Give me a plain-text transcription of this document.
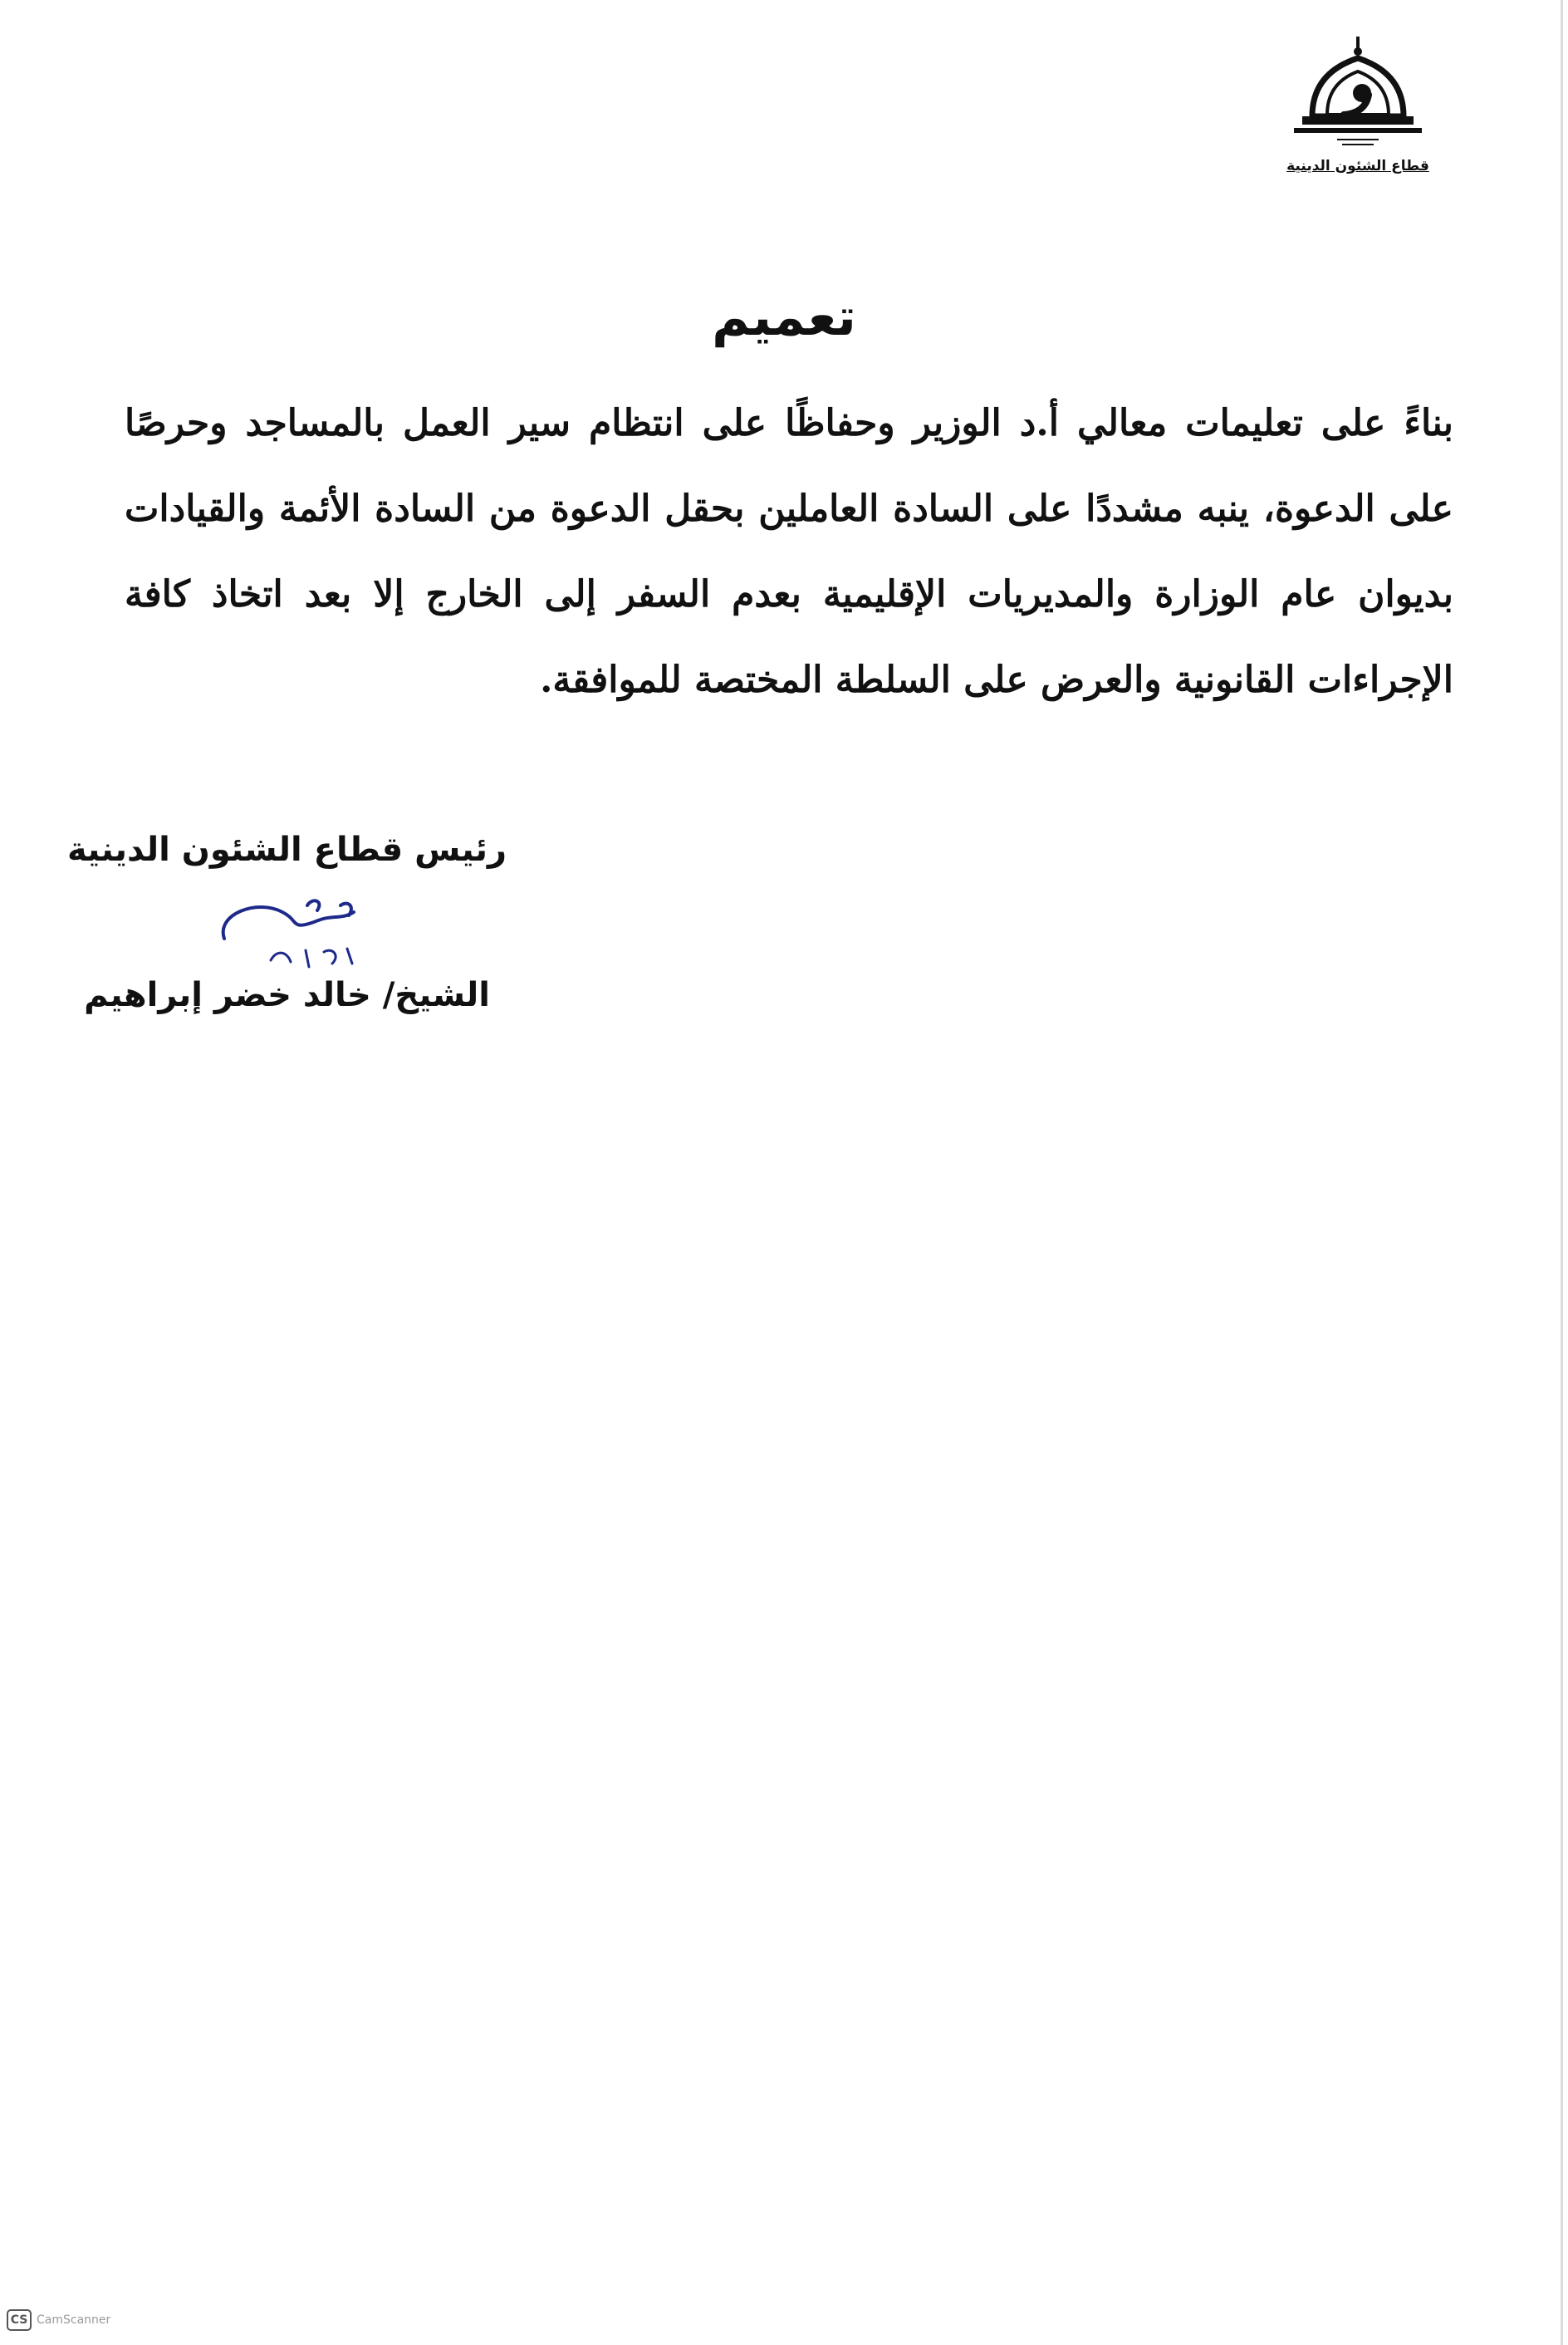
قطاع الشئون الدينية
تعميم

بناءً على تعليمات معالي أ.د الوزير وحفاظًا على انتظام سير العمل بالمساجد وحرصًا على الدعوة، ينبه مشددًا على السادة العاملين بحقل الدعوة من السادة الأئمة والقيادات بديوان عام الوزارة والمديريات الإقليمية بعدم السفر إلى الخارج إلا بعد اتخاذ كافة الإجراءات القانونية والعرض على السلطة المختصة للموافقة.

رئيس قطاع الشئون الدينية
الشيخ/ خالد خضر إبراهيم
CS CamScanner
